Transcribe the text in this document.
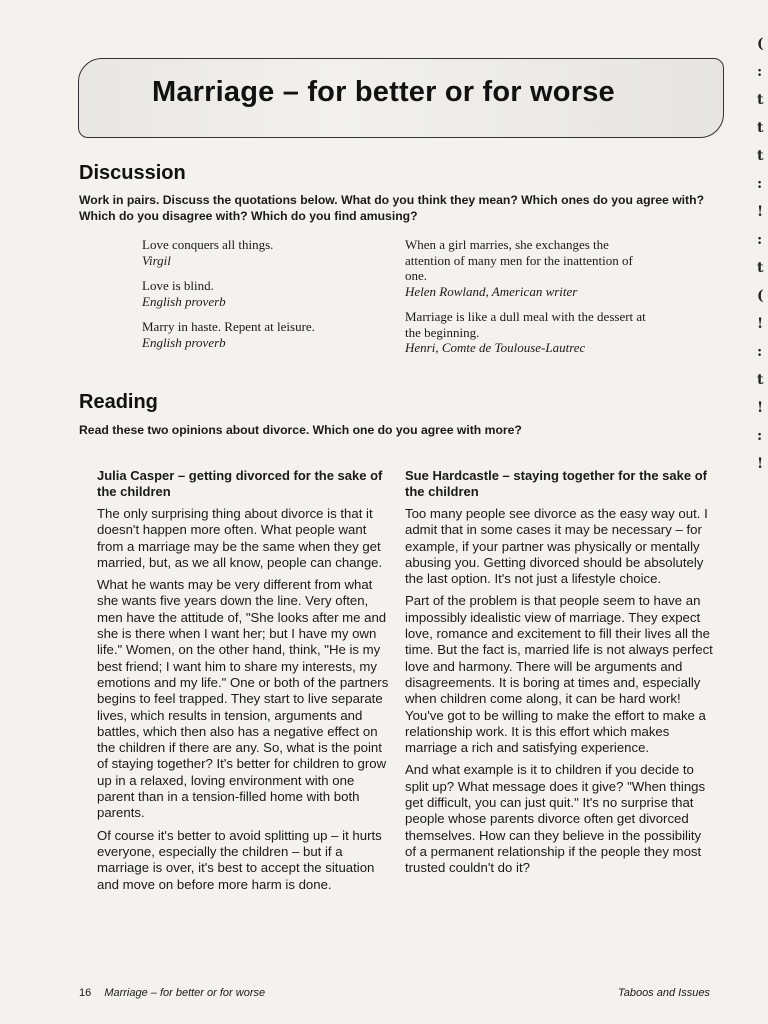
Marriage – for better or for worse
Discussion

Work in pairs. Discuss the quotations below. What do you think they mean? Which ones do you agree with? Which do you disagree with? Which do you find amusing?

Love conquers all things.
Virgil
Love is blind.
English proverb
Marry in haste. Repent at leisure.
English proverb
When a girl marries, she exchanges the attention of many men for the inattention of one.
Helen Rowland, American writer
Marriage is like a dull meal with the dessert at the beginning.
Henri, Comte de Toulouse-Lautrec
Reading

Read these two opinions about divorce. Which one do you agree with more?

Julia Casper – getting divorced for the sake of the children

The only surprising thing about divorce is that it doesn't happen more often. What people want from a marriage may be the same when they get married, but, as we all know, people can change.

What he wants may be very different from what she wants five years down the line. Very often, men have the attitude of, "She looks after me and she is there when I want her; but I have my own life." Women, on the other hand, think, "He is my best friend; I want him to share my interests, my emotions and my life." One or both of the partners begins to feel trapped. They start to live separate lives, which results in tension, arguments and battles, which then also has a negative effect on the children if there are any. So, what is the point of staying together? It's better for children to grow up in a relaxed, loving environment with one parent than in a tension-filled home with both parents.

Of course it's better to avoid splitting up – it hurts everyone, especially the children – but if a marriage is over, it's best to accept the situation and move on before more harm is done.

Sue Hardcastle – staying together for the sake of the children

Too many people see divorce as the easy way out. I admit that in some cases it may be necessary – for example, if your partner was physically or mentally abusing you. Getting divorced should be absolutely the last option. It's not just a lifestyle choice.

Part of the problem is that people seem to have an impossibly idealistic view of marriage. They expect love, romance and excitement to fill their lives all the time. But the fact is, married life is not always perfect love and harmony. There will be arguments and disagreements. It is boring at times and, especially when children come along, it can be hard work! You've got to be willing to make the effort to make a relationship work. It is this effort which makes marriage a rich and satisfying experience.

And what example is it to children if you decide to split up? What message does it give? "When things get difficult, you can just quit." It's no surprise that people whose parents divorce often get divorced themselves. How can they believe in the possibility of a permanent relationship if the people they most trusted couldn't do it?

16 Marriage – for better or for worse	Taboos and Issues
(
:
t
t
t
:
!
:
t
(
!
:
t
!
:
!
